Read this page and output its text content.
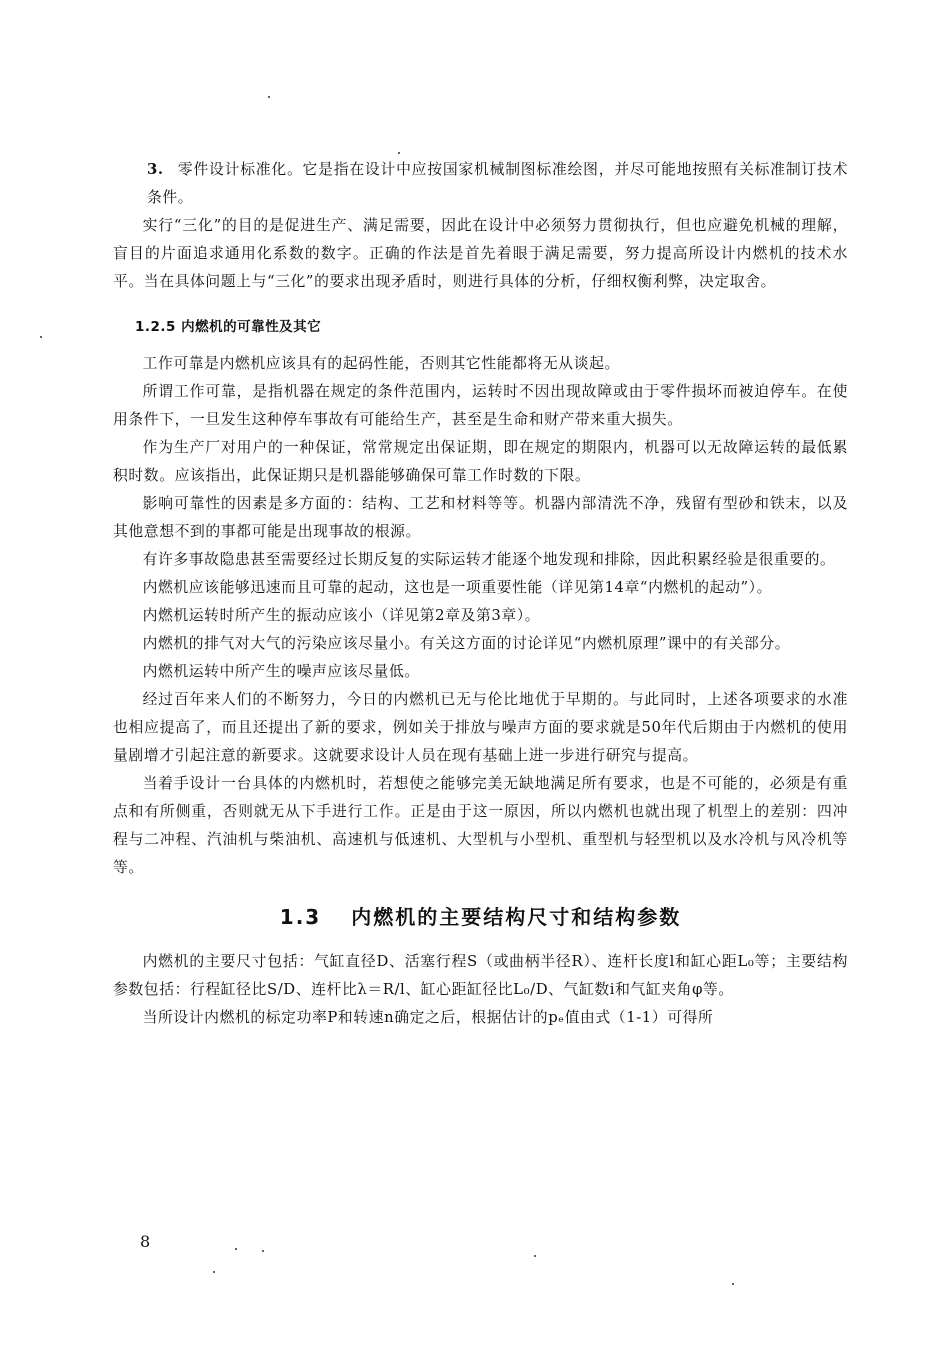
3. 零件设计标准化。它是指在设计中应按国家机械制图标准绘图，并尽可能地按照有关标准制订技术条件。

实行“三化”的目的是促进生产、满足需要，因此在设计中必须努力贯彻执行，但也应避免机械的理解，盲目的片面追求通用化系数的数字。正确的作法是首先着眼于满足需要，努力提高所设计内燃机的技术水平。当在具体问题上与“三化”的要求出现矛盾时，则进行具体的分析，仔细权衡利弊，决定取舍。

1.2.5 内燃机的可靠性及其它

工作可靠是内燃机应该具有的起码性能，否则其它性能都将无从谈起。

所谓工作可靠，是指机器在规定的条件范围内，运转时不因出现故障或由于零件损坏而被迫停车。在使用条件下，一旦发生这种停车事故有可能给生产，甚至是生命和财产带来重大损失。

作为生产厂对用户的一种保证，常常规定出保证期，即在规定的期限内，机器可以无故障运转的最低累积时数。应该指出，此保证期只是机器能够确保可靠工作时数的下限。

影响可靠性的因素是多方面的：结构、工艺和材料等等。机器内部清洗不净，残留有型砂和铁末，以及其他意想不到的事都可能是出现事故的根源。

有许多事故隐患甚至需要经过长期反复的实际运转才能逐个地发现和排除，因此积累经验是很重要的。

内燃机应该能够迅速而且可靠的起动，这也是一项重要性能（详见第14章“内燃机的起动”）。

内燃机运转时所产生的振动应该小（详见第2章及第3章）。

内燃机的排气对大气的污染应该尽量小。有关这方面的讨论详见“内燃机原理”课中的有关部分。

内燃机运转中所产生的噪声应该尽量低。

经过百年来人们的不断努力，今日的内燃机已无与伦比地优于早期的。与此同时，上述各项要求的水准也相应提高了，而且还提出了新的要求，例如关于排放与噪声方面的要求就是50年代后期由于内燃机的使用量剧增才引起注意的新要求。这就要求设计人员在现有基础上进一步进行研究与提高。

当着手设计一台具体的内燃机时，若想使之能够完美无缺地满足所有要求，也是不可能的，必须是有重点和有所侧重，否则就无从下手进行工作。正是由于这一原因，所以内燃机也就出现了机型上的差别：四冲程与二冲程、汽油机与柴油机、高速机与低速机、大型机与小型机、重型机与轻型机以及水冷机与风冷机等等。

1.3 内燃机的主要结构尺寸和结构参数

内燃机的主要尺寸包括：气缸直径D、活塞行程S（或曲柄半径R）、连杆长度l和缸心距L₀等；主要结构参数包括：行程缸径比S/D、连杆比λ＝R/l、缸心距缸径比L₀/D、气缸数i和气缸夹角φ等。

当所设计内燃机的标定功率P和转速n确定之后，根据估计的pₑ值由式（1-1）可得所

8
